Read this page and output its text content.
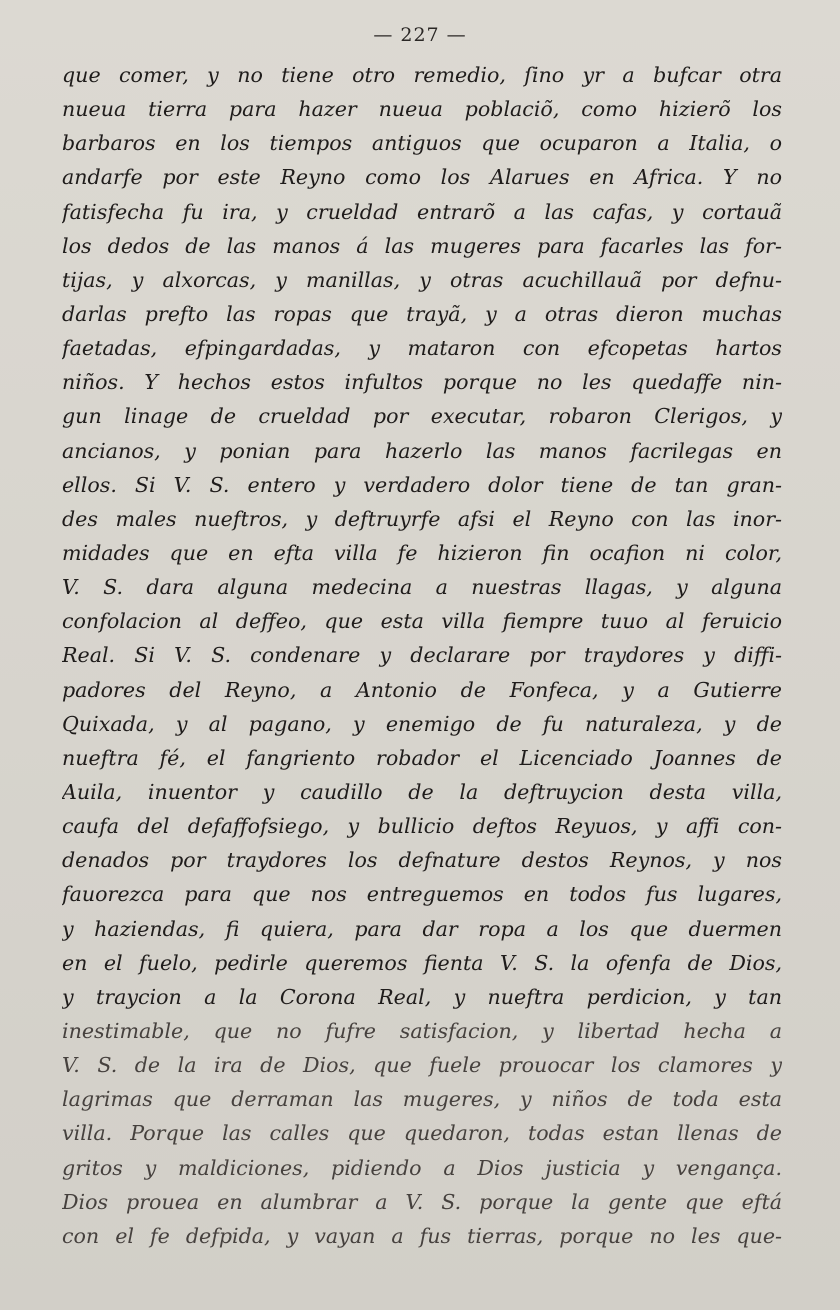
— 227 —
que comer, y no tiene otro remedio, ſino yr a bufcar otra
nueua tierra para hazer nueua poblaciõ, como hizierõ los
barbaros en los tiempos antiguos que ocuparon a Italia, o
andarfe por este Reyno como los Alarues en Africa. Y no
fatisfecha fu ira, y crueldad entrarõ a las cafas, y cortauã
los dedos de las manos á las mugeres para facarles las for-
tijas, y alxorcas, y manillas, y otras acuchillauã por defnu-
darlas prefto las ropas que trayã, y a otras dieron muchas
faetadas, efpingardadas, y mataron con efcopetas hartos
niños. Y hechos estos infultos porque no les quedaffe nin-
gun linage de crueldad por executar, robaron Clerigos, y
ancianos, y ponian para hazerlo las manos facrilegas en
ellos. Si V. S. entero y verdadero dolor tiene de tan gran-
des males nueftros, y deftruyrfe afsi el Reyno con las inor-
midades que en efta villa fe hizieron fin ocafion ni color,
V. S. dara alguna medecina a nuestras llagas, y alguna
confolacion al deffeo, que esta villa fiempre tuuo al feruicio
Real. Si V. S. condenare y declarare por traydores y diffi-
padores del Reyno, a Antonio de Fonfeca, y a Gutierre
Quixada, y al pagano, y enemigo de fu naturaleza, y de
nueftra fé, el fangriento robador el Licenciado Joannes de
Auila, inuentor y caudillo de la deftruycion desta villa,
caufa del defaffofsiego, y bullicio deftos Reyuos, y affi con-
denados por traydores los defnature destos Reynos, y nos
fauorezca para que nos entreguemos en todos fus lugares,
y haziendas, fi quiera, para dar ropa a los que duermen
en el fuelo, pedirle queremos fienta V. S. la ofenfa de Dios,
y traycion a la Corona Real, y nueftra perdicion, y tan
inestimable, que no fufre satisfacion, y libertad hecha a
V. S. de la ira de Dios, que fuele prouocar los clamores y
lagrimas que derraman las mugeres, y niños de toda esta
villa. Porque las calles que quedaron, todas estan llenas de
gritos y maldiciones, pidiendo a Dios justicia y vengança.
Dios prouea en alumbrar a V. S. porque la gente que eftá
con el fe defpida, y vayan a fus tierras, porque no les que-
